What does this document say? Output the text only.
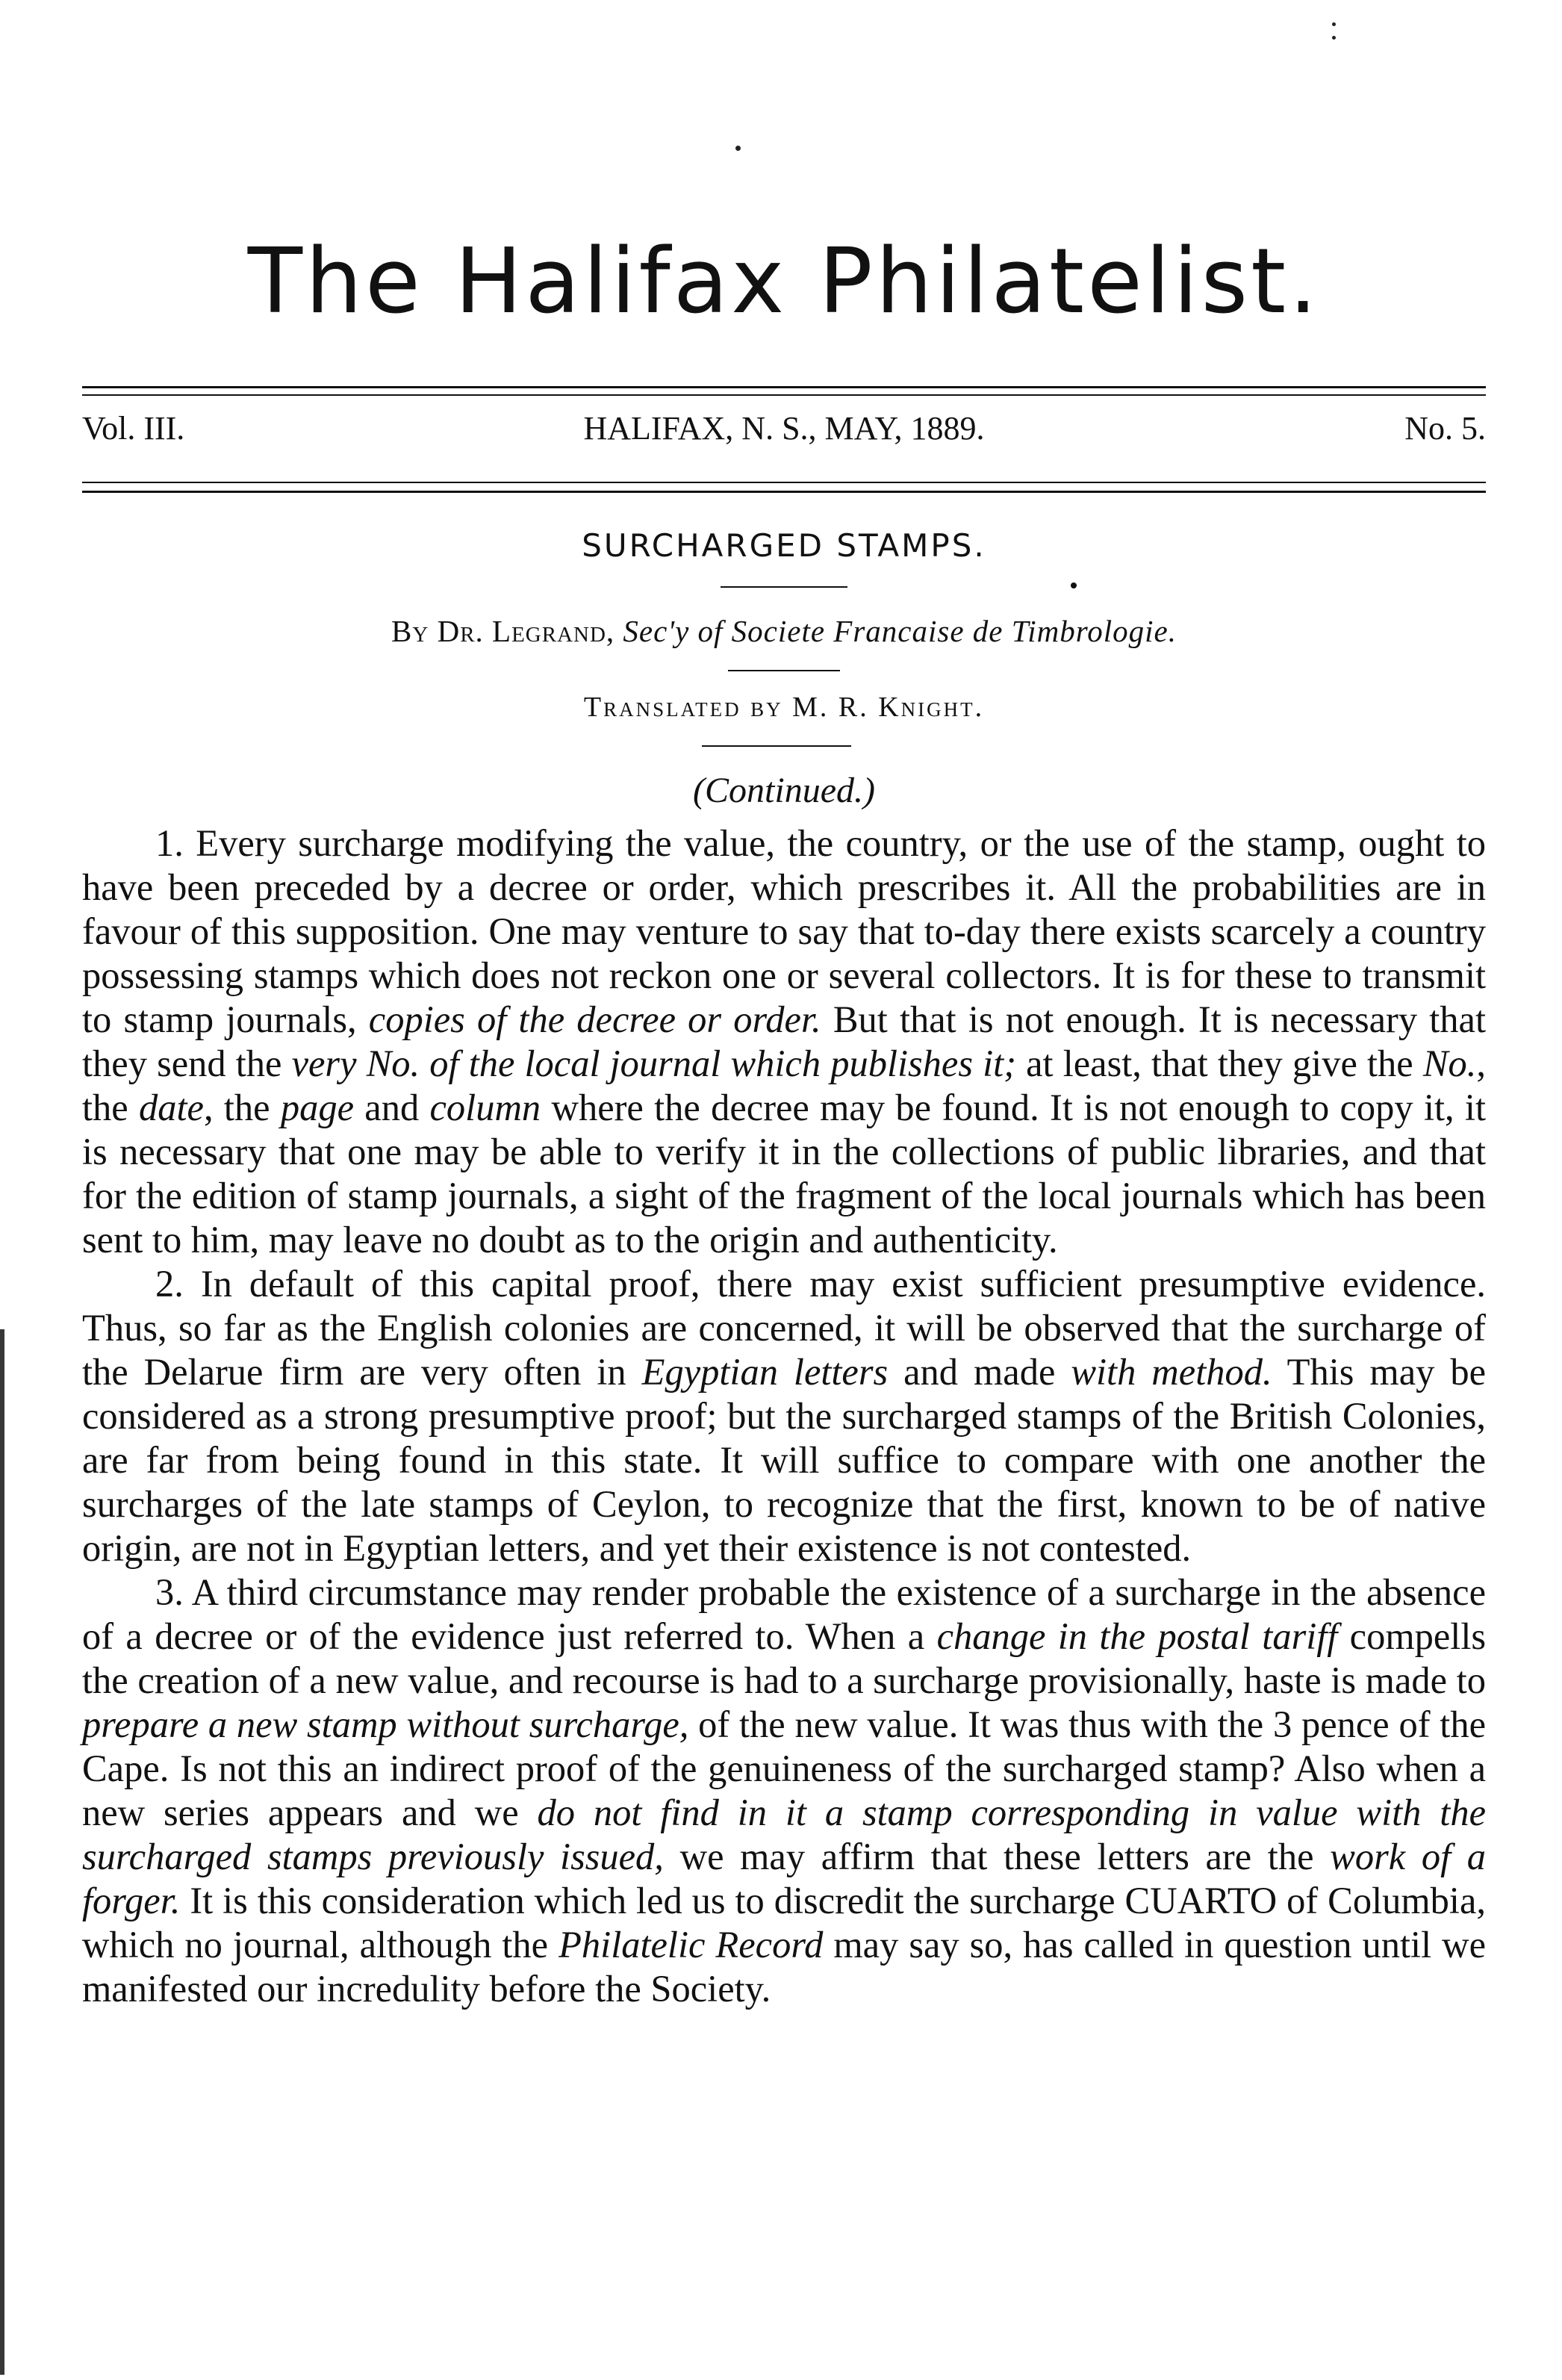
The Halifax Philatelist.
Vol. III.	HALIFAX, N. S., MAY, 1889.	No. 5.
SURCHARGED STAMPS.
By Dr. Legrand, Sec'y of Societe Francaise de Timbrologie.
Translated by M. R. Knight.
(Continued.)

1. Every surcharge modifying the value, the country, or the use of the stamp, ought to have been preceded by a decree or order, which prescribes it. All the probabilities are in favour of this supposition. One may venture to say that to-day there exists scarcely a country possessing stamps which does not reckon one or several collectors. It is for these to transmit to stamp journals, copies of the decree or order. But that is not enough. It is necessary that they send the very No. of the local journal which publishes it; at least, that they give the No., the date, the page and column where the decree may be found. It is not enough to copy it, it is necessary that one may be able to verify it in the collections of public libraries, and that for the edition of stamp journals, a sight of the fragment of the local journals which has been sent to him, may leave no doubt as to the origin and authenticity.

2. In default of this capital proof, there may exist sufficient presumptive evidence. Thus, so far as the English colonies are concerned, it will be observed that the surcharge of the Delarue firm are very often in Egyptian letters and made with method. This may be considered as a strong presumptive proof; but the surcharged stamps of the British Colonies, are far from being found in this state. It will suffice to compare with one another the surcharges of the late stamps of Ceylon, to recognize that the first, known to be of native origin, are not in Egyptian letters, and yet their existence is not contested.

3. A third circumstance may render probable the existence of a surcharge in the absence of a decree or of the evidence just referred to. When a change in the postal tariff compells the creation of a new value, and recourse is had to a surcharge provisionally, haste is made to prepare a new stamp without surcharge, of the new value. It was thus with the 3 pence of the Cape. Is not this an indirect proof of the genuineness of the surcharged stamp? Also when a new series appears and we do not find in it a stamp corresponding in value with the surcharged stamps previously issued, we may affirm that these letters are the work of a forger. It is this consideration which led us to discredit the surcharge CUARTO of Columbia, which no journal, although the Philatelic Record may say so, has called in question until we manifested our incredulity before the Society.
